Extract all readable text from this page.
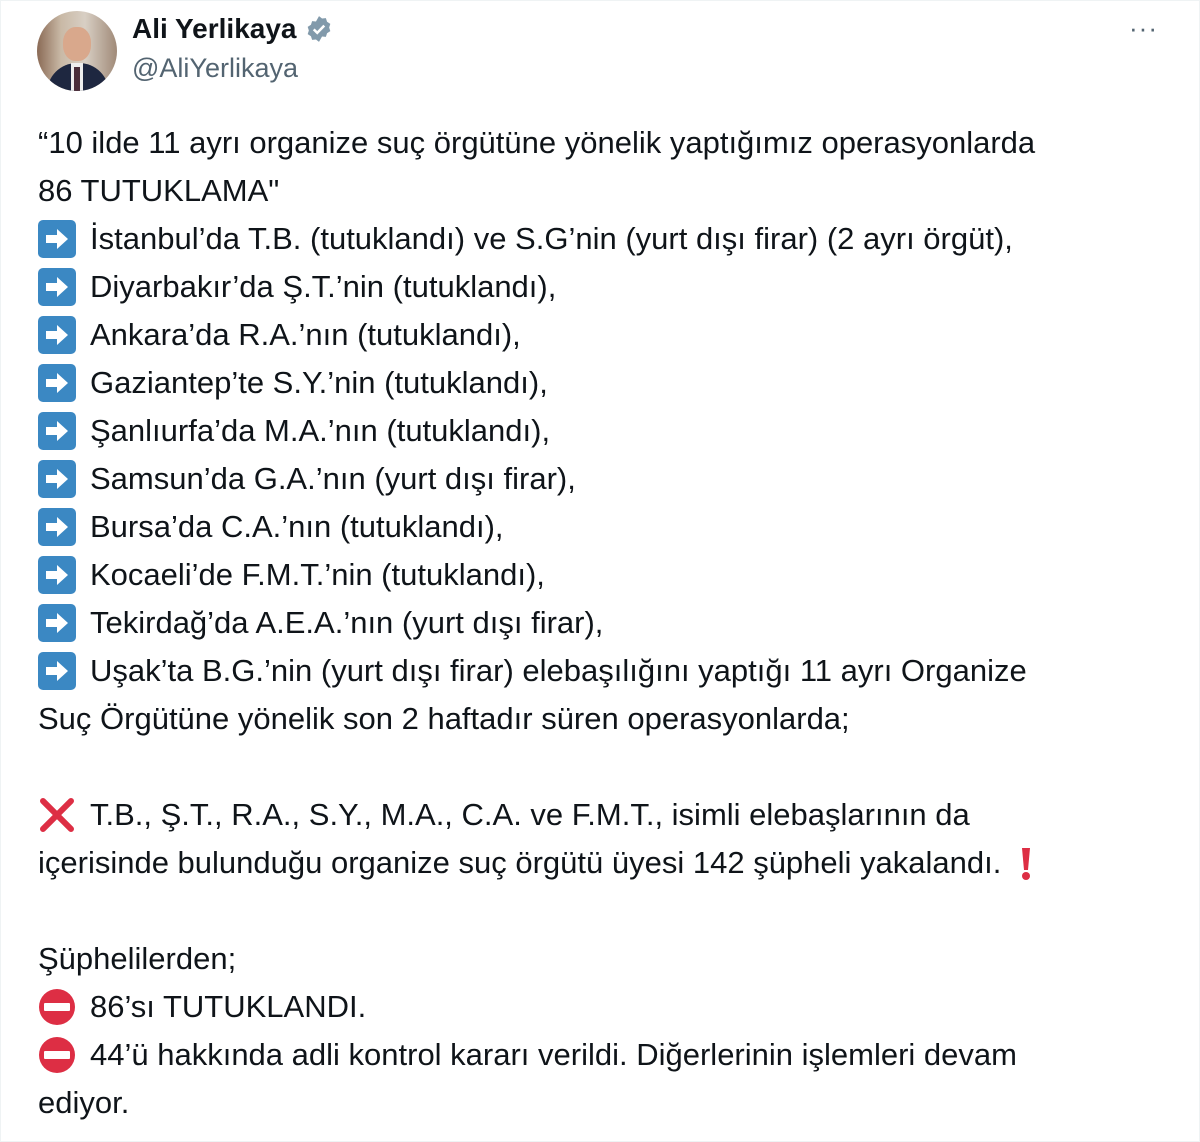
Ali Yerlikaya
@AliYerlikaya
···
“10 ilde 11 ayrı organize suç örgütüne yönelik yaptığımız operasyonlarda
86 TUTUKLAMA"
İstanbul’da T.B. (tutuklandı) ve S.G’nin (yurt dışı firar) (2 ayrı örgüt),
Diyarbakır’da Ş.T.’nin (tutuklandı),
Ankara’da R.A.’nın (tutuklandı),
Gaziantep’te S.Y.’nin (tutuklandı),
Şanlıurfa’da M.A.’nın (tutuklandı),
Samsun’da G.A.’nın (yurt dışı firar),
Bursa’da C.A.’nın (tutuklandı),
Kocaeli’de F.M.T.’nin (tutuklandı),
Tekirdağ’da A.E.A.’nın (yurt dışı firar),
Uşak’ta B.G.’nin (yurt dışı firar) elebaşılığını yaptığı 11 ayrı Organize
Suç Örgütüne yönelik son 2 haftadır süren operasyonlarda;
T.B., Ş.T., R.A., S.Y., M.A., C.A. ve F.M.T., isimli elebaşlarının da
içerisinde bulunduğu organize suç örgütü üyesi 142 şüpheli yakalandı.
Şüphelilerden;
86’sı TUTUKLANDI.
44’ü hakkında adli kontrol kararı verildi. Diğerlerinin işlemleri devam
ediyor.
